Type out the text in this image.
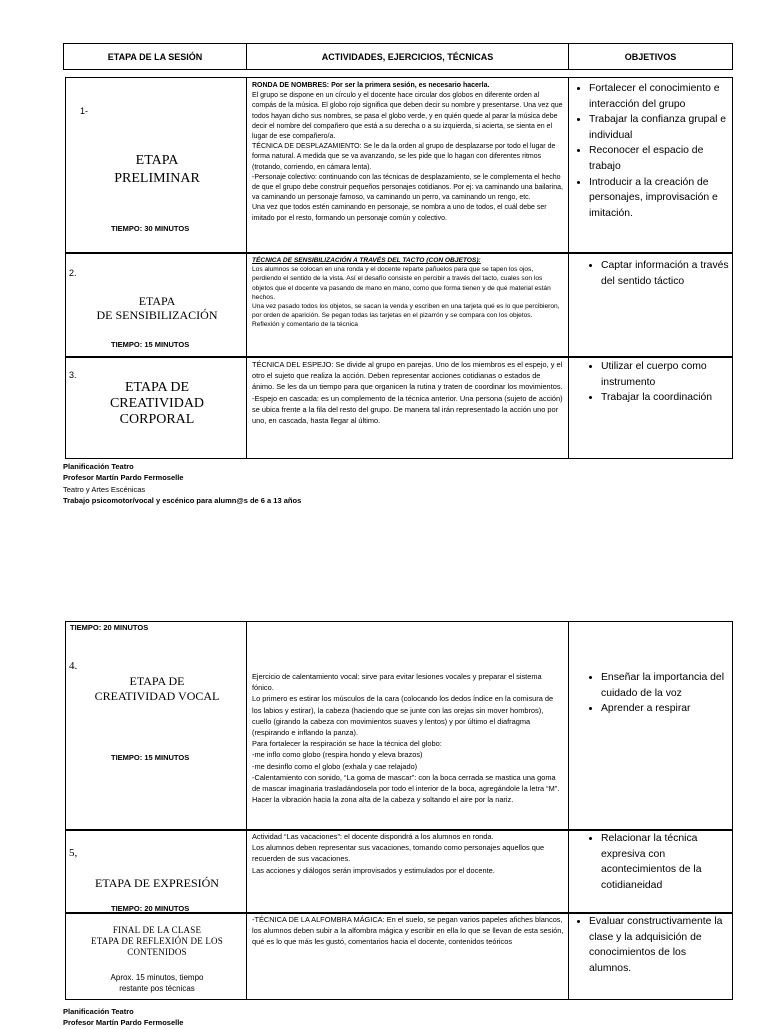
ETAPA DE LA SESIÓN	ACTIVIDADES, EJERCICIOS, TÉCNICAS	OBJETIVOS
1-
ETAPA
PRELIMINAR
TIEMPO: 30 MINUTOS

RONDA DE NOMBRES: Por ser la primera sesión, es necesario hacerla.

El grupo se dispone en un círculo y el docente hace circular dos globos en diferente orden al compás de la música. El globo rojo significa que deben decir su nombre y presentarse. Una vez que todos hayan dicho sus nombres, se pasa el globo verde, y en quién quede al parar la música debe decir el nombre del compañero que está a su derecha o a su izquierda, si acierta, se sienta en el lugar de ese compañero/a.

TÉCNICA DE DESPLAZAMIENTO: Se le da la orden al grupo de desplazarse por todo el lugar de forma natural. A medida que se va avanzando, se les pide que lo hagan con diferentes ritmos (trotando, corriendo, en cámara lenta).

-Personaje colectivo: continuando con las técnicas de desplazamiento, se le complementa el hecho de que el grupo debe construir pequeños personajes cotidianos. Por ej: va caminando una bailarina, va caminando un personaje famoso, va caminando un perro, va caminando un rengo, etc.

Una vez que todos estén caminando en personaje, se nombra a uno de todos, el cuál debe ser imitado por el resto, formando un personaje común y colectivo.

• Fortalecer el conocimiento e interacción del grupo
• Trabajar la confianza grupal e individual
• Reconocer el espacio de trabajo
• Introducir a la creación de personajes, improvisación e imitación.
2.
ETAPA
DE SENSIBILIZACIÓN
TIEMPO: 15 MINUTOS

TÉCNICA DE SENSIBILIZACIÓN A TRAVÉS DEL TACTO (CON OBJETOS):

Los alumnos se colocan en una ronda y el docente reparte pañuelos para que se tapen los ojos, perdiendo el sentido de la vista. Así el desafío consiste en percibir a través del tacto, cuales son los objetos que el docente va pasando de mano en mano, como que forma tienen y de qué material están hechos.

Una vez pasado todos los objetos, se sacan la venda y escriben en una tarjeta qué es lo que percibieron, por orden de aparición. Se pegan todas las tarjetas en el pizarrón y se compara con los objetos.

Reflexión y comentario de la técnica

• Captar información a través del sentido táctico
3.
ETAPA DE
CREATIVIDAD
CORPORAL

TÉCNICA DEL ESPEJO: Se divide al grupo en parejas. Uno de los miembros es el espejo, y el otro el sujeto que realiza la acción. Deben representar acciones cotidianas o estados de ánimo. Se les da un tiempo para que organicen la rutina y traten de coordinar los movimientos.

-Espejo en cascada: es un complemento de la técnica anterior. Una persona (sujeto de acción) se ubica frente a la fila del resto del grupo. De manera tal irán representado la acción uno por uno, en cascada, hasta llegar al último.

• Utilizar el cuerpo como instrumento
• Trabajar la coordinación
Planificación Teatro
Profesor Martín Pardo Fermoselle
Teatro y Artes Escénicas
Trabajo psicomotor/vocal y escénico para alumn@s de 6 a 13 años
TIEMPO: 20 MINUTOS
4.
ETAPA DE
CREATIVIDAD VOCAL
TIEMPO: 15 MINUTOS

Ejercicio de calentamiento vocal: sirve para evitar lesiones vocales y preparar el sistema fónico.

Lo primero es estirar los músculos de la cara (colocando los dedos índice en la comisura de los labios y estirar), la cabeza (haciendo que se junte con las orejas sin mover hombros), cuello (girando la cabeza con movimientos suaves y lentos) y por último el diafragma (respirando e inflando la panza).

Para fortalecer la respiración se hace la técnica del globo:

-me inflo como globo (respira hondo y eleva brazos)

-me desinflo como el globo (exhala y cae relajado)

-Calentamiento con sonido, “La goma de mascar”: con la boca cerrada se mastica una goma de mascar imaginaria trasladándosela por todo el interior de la boca, agregándole la letra “M”. Hacer la vibración hacia la zona alta de la cabeza y soltando el aire por la nariz.

• Enseñar la importancia del cuidado de la voz
• Aprender a respirar
5,
ETAPA DE EXPRESIÓN
TIEMPO: 20 MINUTOS

Actividad “Las vacaciones”: el docente dispondrá a los alumnos en ronda.

Los alumnos deben representar sus vacaciones, tomando como personajes aquellos que recuerden de sus vacaciones.

Las acciones y diálogos serán improvisados y estimulados por el docente.

• Relacionar la técnica expresiva con acontecimientos de la cotidianeidad
FINAL DE LA CLASE
ETAPA DE REFLEXIÓN DE LOS
CONTENIDOS
Aprox. 15 minutos, tiempo
restante pos técnicas

-TÉCNICA DE LA ALFOMBRA MÁGICA: En el suelo, se pegan varios papeles afiches blancos, los alumnos deben subir a la alfombra mágica y escribir en ella lo que se llevan de esta sesión, qué es lo que más les gustó, comentarios hacia el docente, contenidos teóricos

• Evaluar constructivamente la clase y la adquisición de conocimientos de los alumnos.
Planificación Teatro
Profesor Martín Pardo Fermoselle
